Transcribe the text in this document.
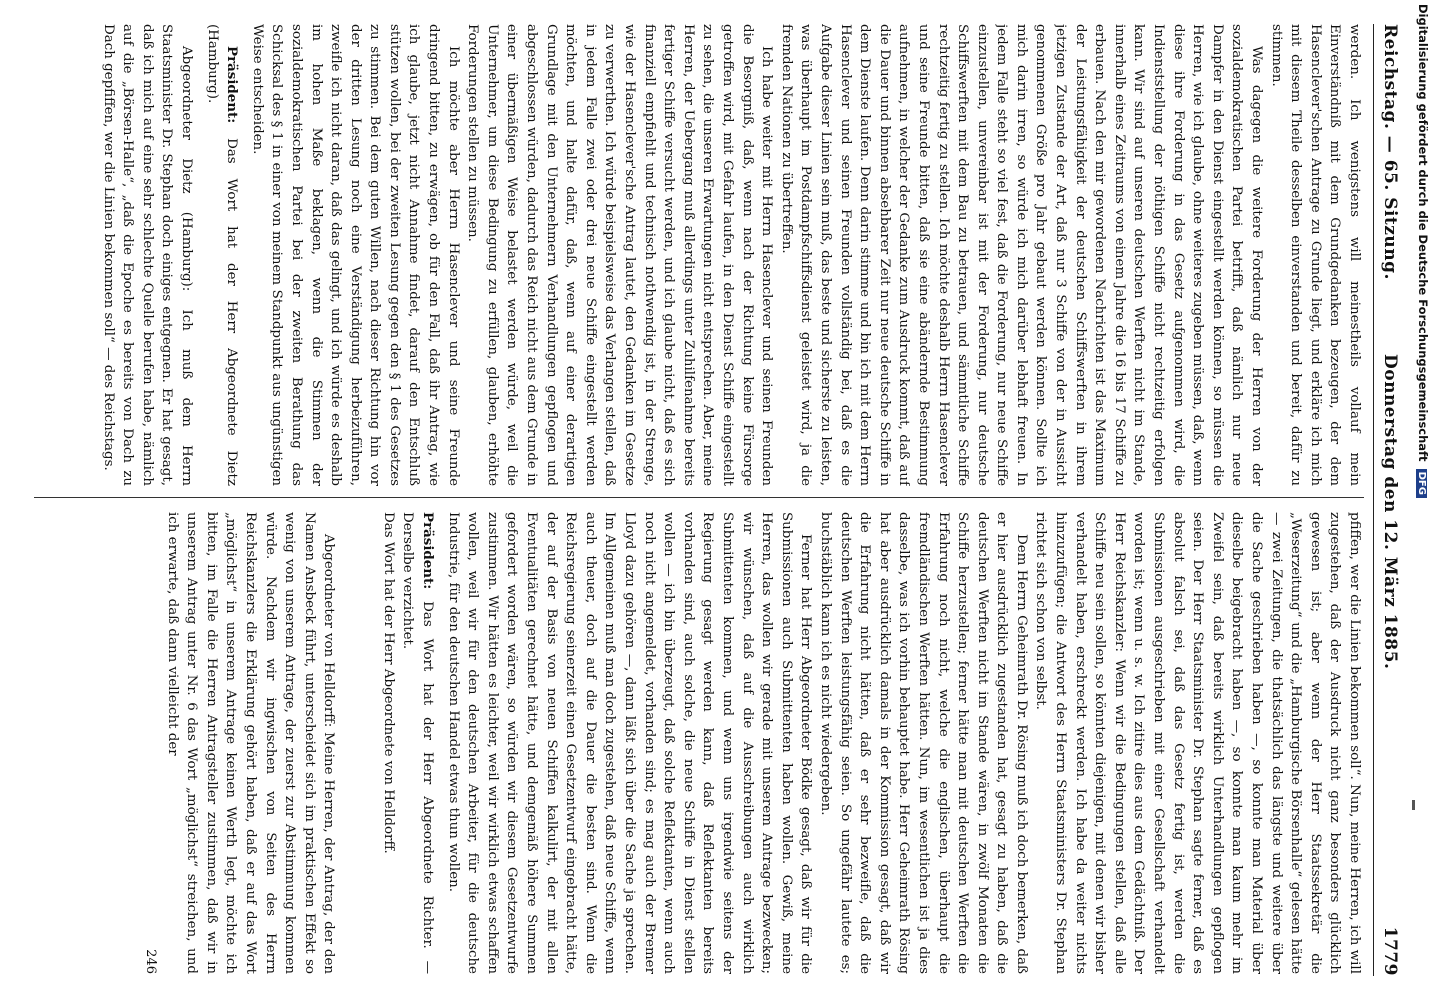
Reichstag. — 65. Sitzung.
Donnerstag den 12. März 1885.
1779

werden. Ich wenigstens will meinestheils vollauf mein Einverständniß mit dem Grundgedanken bezeugen, der dem Hasenclever'schen Antrage zu Grunde liegt, und erkläre ich mich mit diesem Theile desselben einverstanden und bereit, dafür zu stimmen.

Was dagegen die weitere Forderung der Herren von der sozialdemokratischen Partei betrifft, daß nämlich nur neue Dampfer in den Dienst eingestellt werden können, so müssen die Herren, wie ich glaube, ohne weiteres zugeben müssen, daß, wenn diese ihre Forderung in das Gesetz aufgenommen wird, die Indienststellung der nöthigen Schiffe nicht rechtzeitig erfolgen kann. Wir sind auf unseren deutschen Werften nicht im Stande, innerhalb eines Zeitraums von einem Jahre die 16 bis 17 Schiffe zu erbauen. Nach den mir gewordenen Nachrichten ist das Maximum der Leistungsfähigkeit der deutschen Schiffswerften in ihrem jetzigen Zustande der Art, daß nur 3 Schiffe von der in Aussicht genommenen Größe pro Jahr gebaut werden können. Sollte ich mich darin irren, so würde ich mich darüber lebhaft freuen. In jedem Falle steht so viel fest, daß die Forderung, nur neue Schiffe einzustellen, unvereinbar ist mit der Forderung, nur deutsche Schiffswerften mit dem Bau zu betrauen, und sämmtliche Schiffe rechtzeitig fertig zu stellen. Ich möchte deshalb Herrn Hasenclever und seine Freunde bitten, daß sie eine abändernde Bestimmung aufnehmen, in welcher der Gedanke zum Ausdruck kommt, daß auf die Dauer und binnen absehbarer Zeit nur neue deutsche Schiffe in dem Dienste laufen. Denn darin stimme und bin ich mit dem Herrn Hasenclever und seinen Freunden vollständig bei, daß es die Aufgabe dieser Linien sein muß, das beste und sicherste zu leisten, was überhaupt im Postdampfschiffsdienst geleistet wird, ja die fremden Nationen zu übertreffen.

Ich habe weiter mit Herrn Hasenclever und seinen Freunden die Besorgniß, daß, wenn nach der Richtung keine Fürsorge getroffen wird, mit Gefahr laufen, in den Dienst Schiffe eingestellt zu sehen, die unseren Erwartungen nicht entsprechen. Aber, meine Herren, der Uebergang muß allerdings unter Zuhilfenahme bereits fertiger Schiffe versucht werden, und ich glaube nicht, daß es sich finanziell empfiehlt und technisch nothwendig ist, in der Strenge, wie der Hasenclever'sche Antrag lautet, den Gedanken im Gesetze zu verwerthen. Ich würde beispielsweise das Verlangen stellen, daß in jedem Falle zwei oder drei neue Schiffe eingestellt werden möchten, und halte dafür, daß, wenn auf einer derartigen Grundlage mit den Unternehmern Verhandlungen gepflogen und abgeschlossen würden, dadurch das Reich nicht aus dem Grunde in einer übermäßigen Weise belastet werden würde, weil die Unternehmer, um diese Bedingung zu erfüllen, glauben, erhöhte Forderungen stellen zu müssen.

Ich möchte aber Herrn Hasenclever und seine Freunde dringend bitten, zu erwägen, ob für den Fall, daß ihr Antrag, wie ich glaube, jetzt nicht Annahme findet, darauf den Entschluß stützen wollen, bei der zweiten Lesung gegen den § 1 des Gesetzes zu stimmen. Bei dem guten Willen, nach dieser Richtung hin vor der dritten Lesung noch eine Verständigung herbeizuführen, zweifle ich nicht daran, daß das gelingt, und ich würde es deshalb im hohen Maße beklagen, wenn die Stimmen der sozialdemokratischen Partei bei der zweiten Berathung das Schicksal des § 1 in einer von meinem Standpunkt aus ungünstigen Weise entscheiden.

Präsident: Das Wort hat der Herr Abgeordnete Dietz (Hamburg).

Abgeordneter Dietz (Hamburg): Ich muß dem Herrn Staatsminister Dr. Stephan doch einiges entgegnen. Er hat gesagt, daß ich mich auf eine sehr schlechte Quelle berufen habe, nämlich auf die „Börsen-Halle“, „daß die Epoche es bereits von Dach zu Dach gepfiffen, wer die Linien bekommen soll“ — des Reichstags.

pfiffen, wer die Linien bekommen soll“. Nun, meine Herren, ich will zugestehen, daß der Ausdruck nicht ganz besonders glücklich gewesen ist; aber wenn der Herr Staatssekretär die „Weserzeitung“ und die „Hamburgische Börsenhalle“ gelesen hätte — zwei Zeitungen, die thatsächlich das längste und weitere über die Sache geschrieben haben —, so konnte man Material über dieselbe beigebracht haben —, so konnte man kaum mehr im Zweifel sein, daß bereits wirklich Unterhandlungen gepflogen seien. Der Herr Staatsminister Dr. Stephan sagte ferner, daß es absolut falsch sei, daß das Gesetz fertig ist, werden die Submissionen ausgeschrieben mit einer Gesellschaft verhandelt worden ist; wenn u. s. w. Ich zitire dies aus dem Gedächtniß. Der Herr Reichskanzler: Wenn wir die Bedingungen stellen, daß alle Schiffe neu sein sollen, so könnten diejenigen, mit denen wir bisher verhandelt haben, erschreckt werden. Ich habe da weiter nichts hinzuzufügen; die Antwort des Herrn Staatsministers Dr. Stephan richtet sich schon von selbst.

Dem Herrn Geheimrath Dr. Rösing muß ich doch bemerken, daß er hier ausdrücklich zugestanden hat, gesagt zu haben, daß die deutschen Werften nicht im Stande wären, in zwölf Monaten die Schiffe herzustellen; ferner hätte man mit deutschen Werften die Erfahrung noch nicht, welche die englischen, überhaupt die fremdländischen Werften hätten. Nun, im wesentlichen ist ja dies dasselbe, was ich vorhin behauptet habe. Herr Geheimrath Rösing hat aber ausdrücklich damals in der Kommission gesagt, daß wir die Erfahrung nicht hätten, daß er sehr bezweifle, daß die deutschen Werften leistungsfähig seien. So ungefähr lautete es; buchstäblich kann ich es nicht wiedergeben.

Ferner hat Herr Abgeordneter Bödke gesagt, daß wir für die Submissionen auch Submittenten haben wollen. Gewiß, meine Herren, das wollen wir gerade mit unserem Antrage bezwecken; wir wünschen, daß auf die Ausschreibungen auch wirklich Submittenten kommen, und wenn uns irgendwie seitens der Regierung gesagt werden kann, daß Reflektanten bereits vorhanden sind, auch solche, die neue Schiffe in Dienst stellen wollen — ich bin überzeugt, daß solche Reflektanten, wenn auch noch nicht angemeldet, vorhanden sind; es mag auch der Bremer Lloyd dazu gehören —, dann läßt sich über die Sache ja sprechen. Im Allgemeinen muß man doch zugestehen, daß neue Schiffe, wenn auch theuer, doch auf die Dauer die besten sind. Wenn die Reichsregierung seinerzeit einen Gesetzentwurf eingebracht hätte, der auf der Basis von neuen Schiffen kalkulirt, der mit allen Eventualitäten gerechnet hätte, und demgemäß höhere Summen gefordert worden wären, so würden wir diesem Gesetzentwurfe zustimmen. Wir hätten es leichter, weil wir wirklich etwas schaffen wollen, weil wir für den deutschen Arbeiter, für die deutsche Industrie, für den deutschen Handel etwas thun wollen.

Präsident: Das Wort hat der Herr Abgeordnete Richter. — Derselbe verzichtet.

Das Wort hat der Herr Abgeordnete von Helldorff.

Abgeordneter von Helldorff: Meine Herren, der Antrag, der den Namen Ansbeck führt, unterscheidet sich im praktischen Effekt so wenig von unserem Antrage, der zuerst zur Abstimmung kommen würde. Nachdem wir ingwischen von Seiten des Herrn Reichskanzlers die Erklärung gehört haben, daß er auf das Wort „möglichst“ in unserem Antrage keinen Werth legt, möchte ich bitten, im Falle die Herren Antragsteller zustimmen, daß wir in unserem Antrag unter Nr. 6 das Wort „möglichst“ streichen, und ich erwarte, daß dann vielleicht der

246
Digitalisierung gefördert durch die Deutsche Forschungsgemeinschaft DFG
